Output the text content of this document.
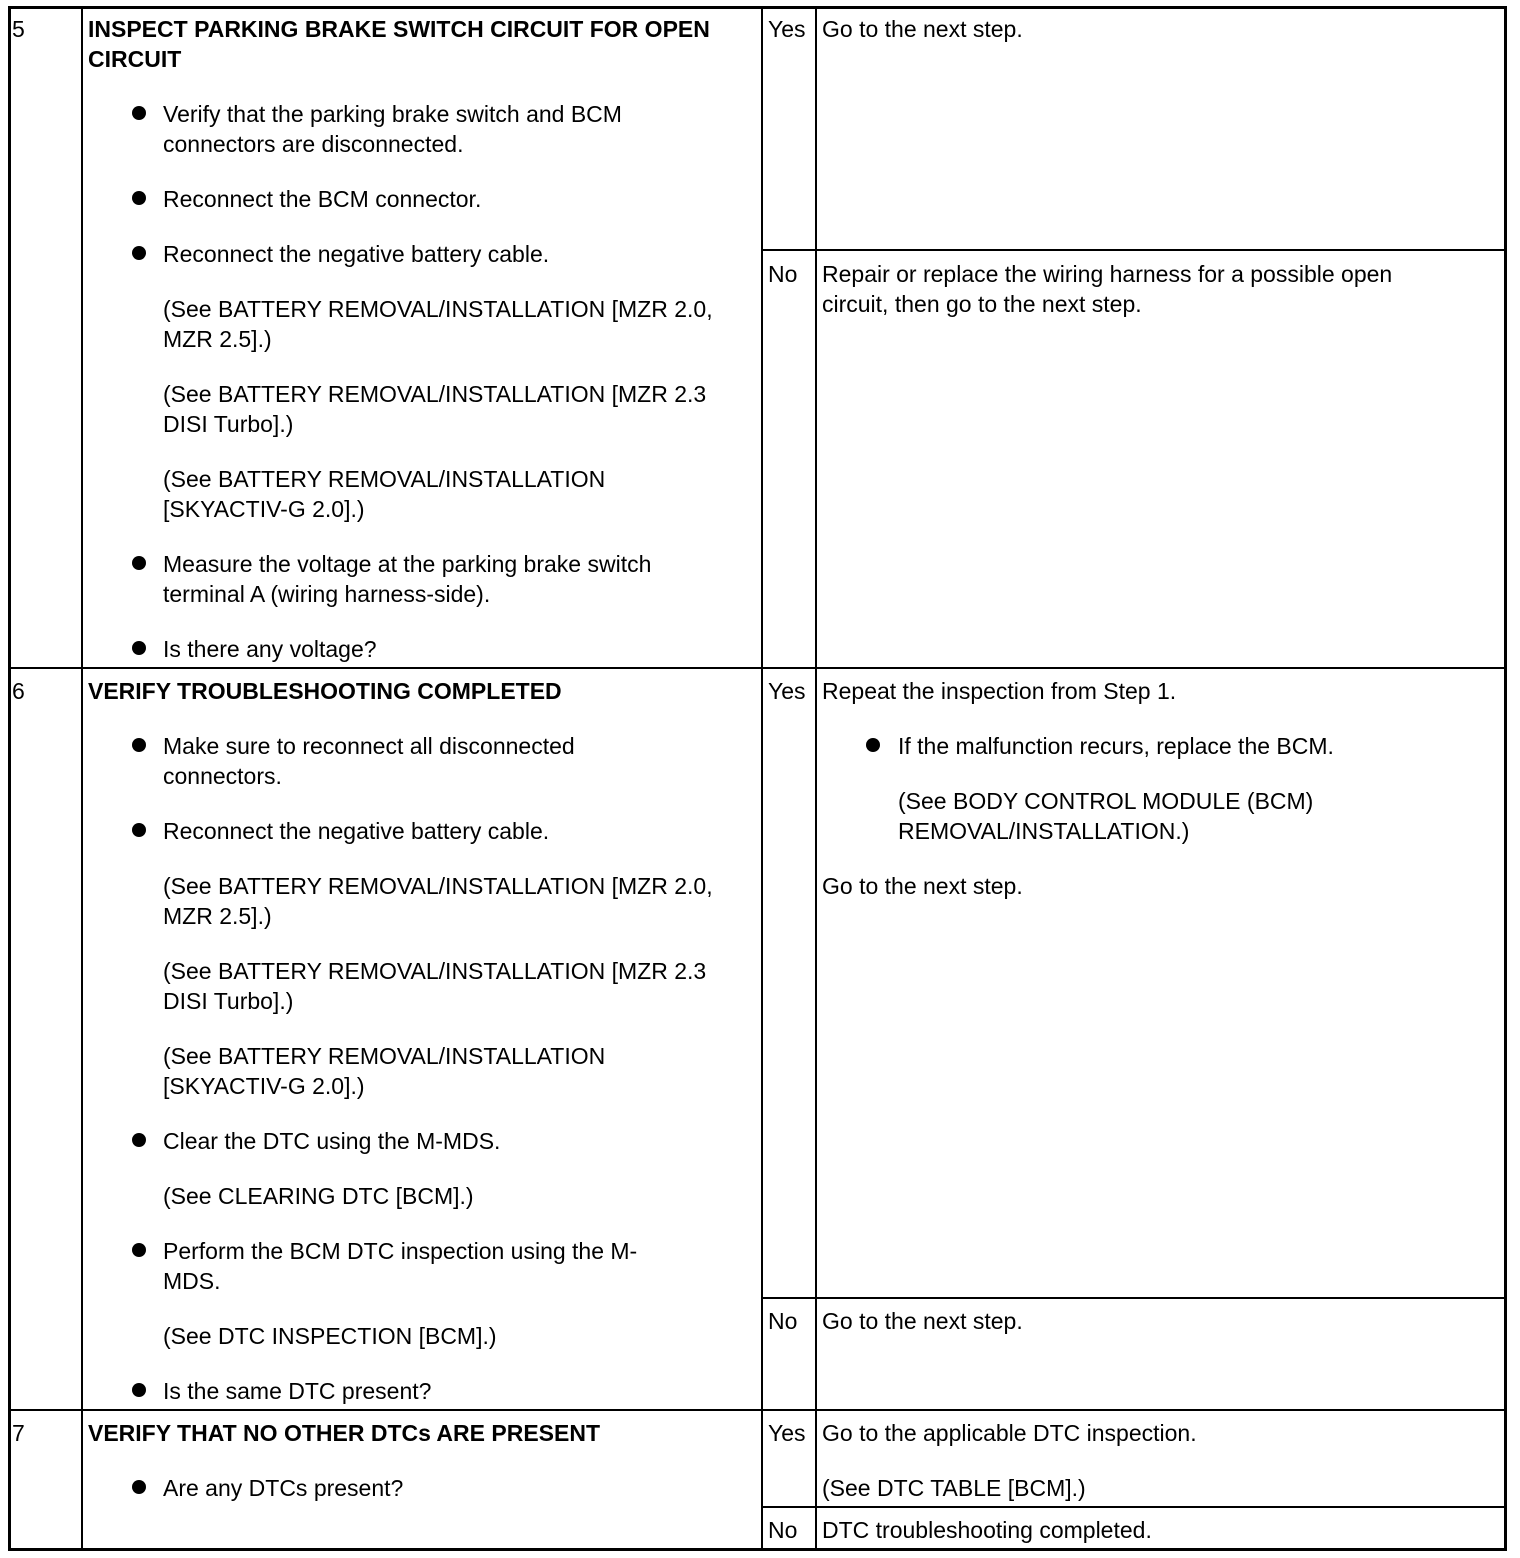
5	INSPECT PARKING BRAKE SWITCH CIRCUIT FOR OPEN CIRCUIT
Verify that the parking brake switch and BCM connectors are disconnected.
Reconnect the BCM connector.
Reconnect the negative battery cable.
(See BATTERY REMOVAL/INSTALLATION [MZR 2.0, MZR 2.5].)
(See BATTERY REMOVAL/INSTALLATION [MZR 2.3 DISI Turbo].)
(See BATTERY REMOVAL/INSTALLATION [SKYACTIV-G 2.0].)
Measure the voltage at the parking brake switch terminal A (wiring harness-side).
Is there any voltage?
Yes Go to the next step.
No Repair or replace the wiring harness for a possible open circuit, then go to the next step.
6	VERIFY TROUBLESHOOTING COMPLETED
Make sure to reconnect all disconnected connectors.
Reconnect the negative battery cable.
(See BATTERY REMOVAL/INSTALLATION [MZR 2.0, MZR 2.5].)
(See BATTERY REMOVAL/INSTALLATION [MZR 2.3 DISI Turbo].)
(See BATTERY REMOVAL/INSTALLATION [SKYACTIV-G 2.0].)
Clear the DTC using the M-MDS.
(See CLEARING DTC [BCM].)
Perform the BCM DTC inspection using the M-MDS.
(See DTC INSPECTION [BCM].)
Is the same DTC present?
Yes Repeat the inspection from Step 1.
If the malfunction recurs, replace the BCM.
(See BODY CONTROL MODULE (BCM) REMOVAL/INSTALLATION.)
Go to the next step.
No Go to the next step.
7	VERIFY THAT NO OTHER DTCs ARE PRESENT
Are any DTCs present?
Yes Go to the applicable DTC inspection.
(See DTC TABLE [BCM].)
No DTC troubleshooting completed.
